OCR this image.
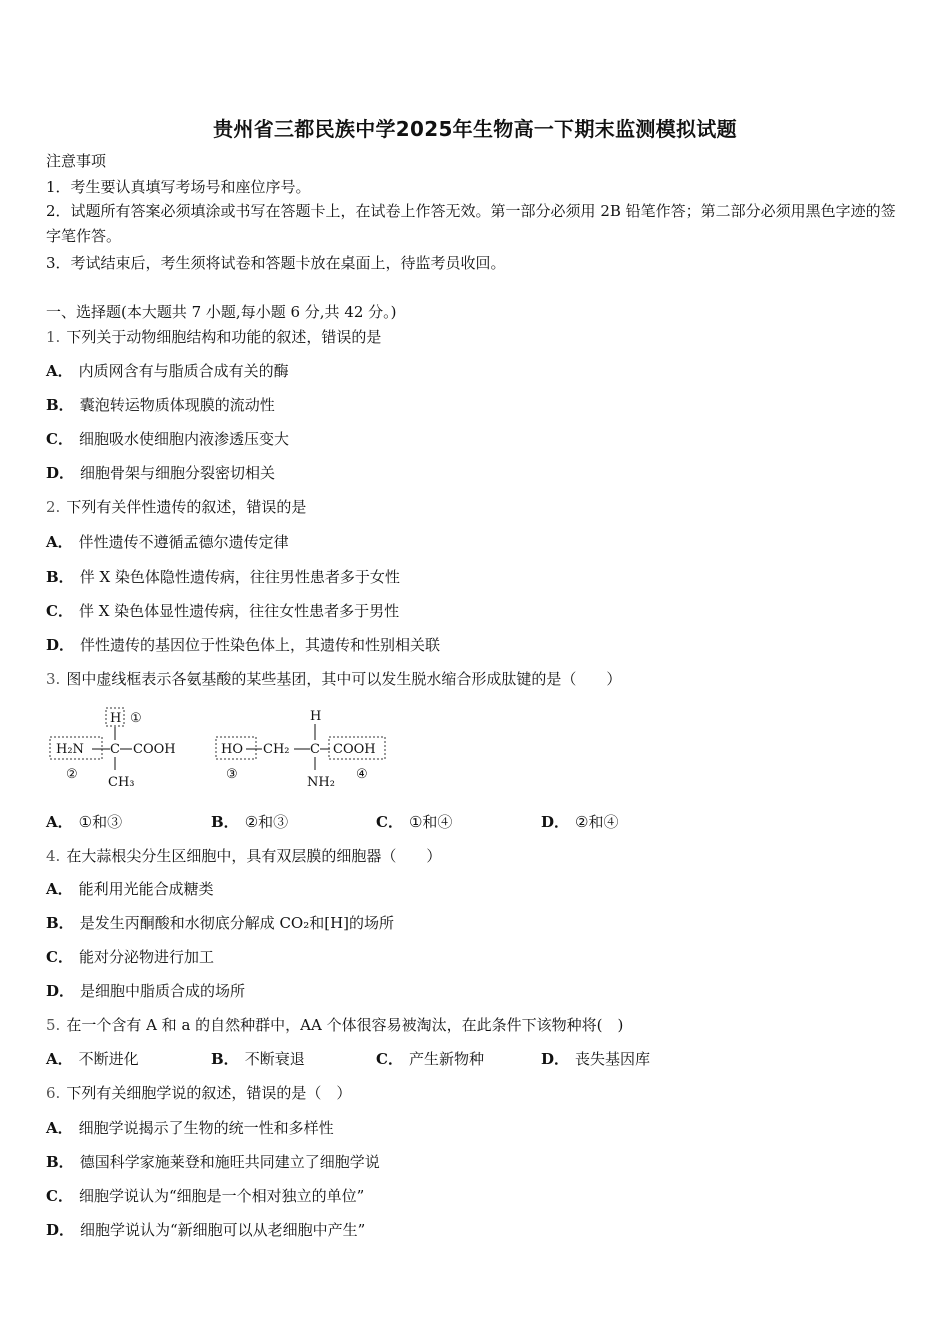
贵州省三都民族中学2025年生物高一下期末监测模拟试题
注意事项
1．考生要认真填写考场号和座位序号。
2．试题所有答案必须填涂或书写在答题卡上，在试卷上作答无效。第一部分必须用 2B 铅笔作答；第二部分必须用黑色字迹的签字笔作答。
3．考试结束后，考生须将试卷和答题卡放在桌面上，待监考员收回。
一、选择题(本大题共 7 小题,每小题 6 分,共 42 分。)
1. 下列关于动物细胞结构和功能的叙述，错误的是
A． 内质网含有与脂质合成有关的酶
B． 囊泡转运物质体现膜的流动性
C． 细胞吸水使细胞内液渗透压变大
D． 细胞骨架与细胞分裂密切相关
2. 下列有关伴性遗传的叙述，错误的是
A． 伴性遗传不遵循孟德尔遗传定律
B． 伴 X 染色体隐性遗传病，往往男性患者多于女性
C． 伴 X 染色体显性遗传病，往往女性患者多于男性
D． 伴性遗传的基因位于性染色体上，其遗传和性别相关联
3. 图中虚线框表示各氨基酸的某些基团，其中可以发生脱水缩合形成肽键的是（　　）
H ①
H₂N C COOH
CH₃
②
HO CH₂
H
C COOH
NH₂
③	④
A． ①和③	B． ②和③	C． ①和④	D． ②和④
4. 在大蒜根尖分生区细胞中，具有双层膜的细胞器（　　）
A． 能利用光能合成糖类
B． 是发生丙酮酸和水彻底分解成 CO₂和[H]的场所
C． 能对分泌物进行加工
D． 是细胞中脂质合成的场所
5. 在一个含有 A 和 a 的自然种群中，AA 个体很容易被淘汰，在此条件下该物种将(　)
A． 不断进化	B． 不断衰退	C． 产生新物种	D． 丧失基因库
6. 下列有关细胞学说的叙述，错误的是（　）
A． 细胞学说揭示了生物的统一性和多样性
B． 德国科学家施莱登和施旺共同建立了细胞学说
C． 细胞学说认为“细胞是一个相对独立的单位”
D． 细胞学说认为“新细胞可以从老细胞中产生”
